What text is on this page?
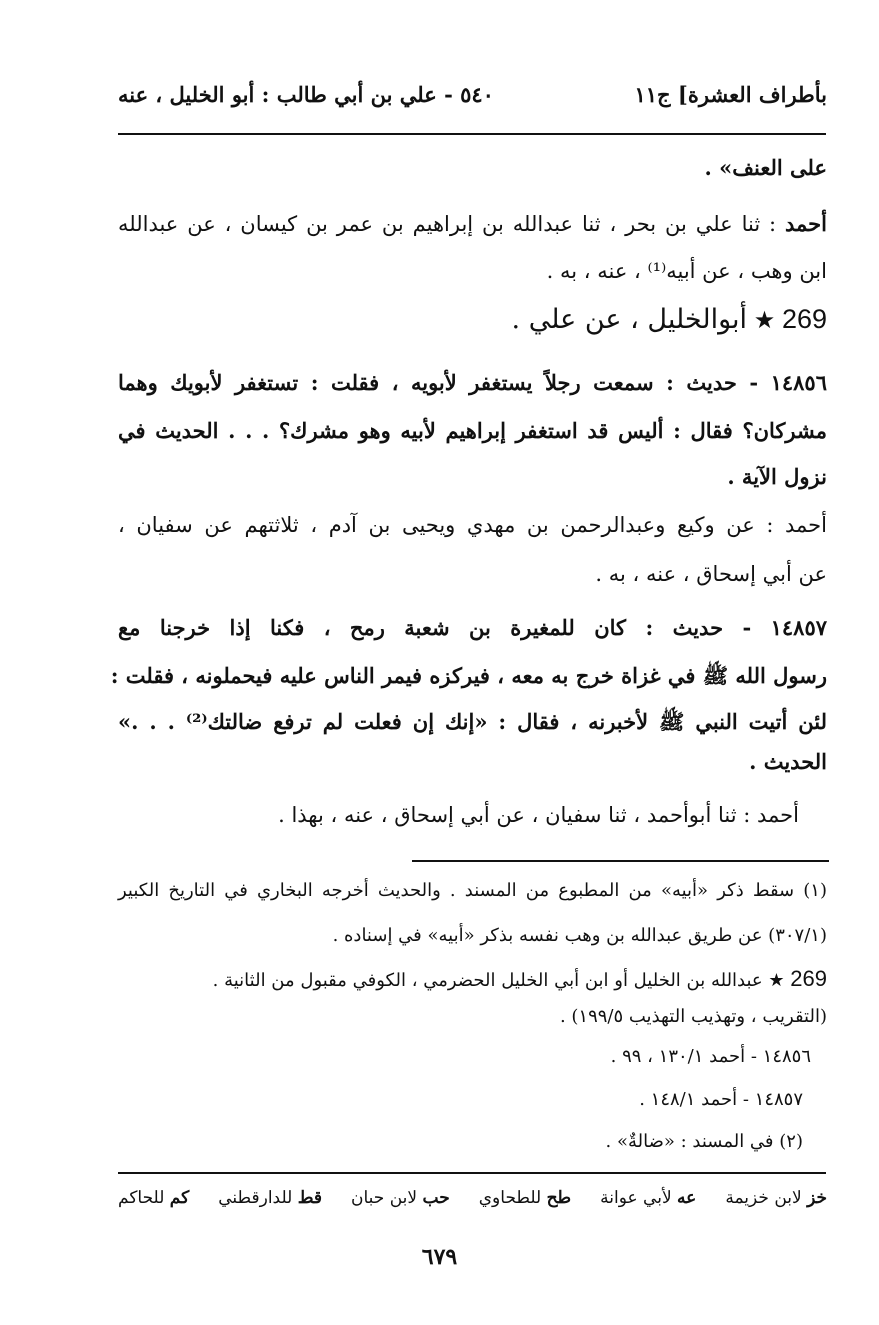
بأطراف العشرة] ج١١
٥٤٠ - علي بن أبي طالب : أبو الخليل ، عنه
على العنف» .
أحمد : ثنا علي بن بحر ، ثنا عبدالله بن إبراهيم بن عمر بن كيسان ، عن عبدالله
ابن وهب ، عن أبيه⁽¹⁾ ، عنه ، به .
269 ★ أبوالخليل ، عن علي .
١٤٨٥٦ - حديث : سمعت رجلاً يستغفر لأبويه ، فقلت : تستغفر لأبويك وهما
مشركان؟ فقال : أليس قد استغفر إبراهيم لأبيه وهو مشرك؟ . . . الحديث في
نزول الآية .
أحمد : عن وكيع وعبدالرحمن بن مهدي ويحيى بن آدم ، ثلاثتهم عن سفيان ،
عن أبي إسحاق ، عنه ، به .
١٤٨٥٧ - حديث : كان للمغيرة بن شعبة رمح ، فكنا إذا خرجنا مع
رسول الله ﷺ في غزاة خرج به معه ، فيركزه فيمر الناس عليه فيحملونه ، فقلت :
لئن أتيت النبي ﷺ لأخبرنه ، فقال : «إنك إن فعلت لم ترفع ضالتك⁽²⁾ . . .»
الحديث .
أحمد : ثنا أبوأحمد ، ثنا سفيان ، عن أبي إسحاق ، عنه ، بهذا .
(١) سقط ذكر «أبيه» من المطبوع من المسند . والحديث أخرجه البخاري في التاريخ الكبير
(٣٠٧/١) عن طريق عبدالله بن وهب نفسه بذكر «أبيه» في إسناده .
269 ★ عبدالله بن الخليل أو ابن أبي الخليل الحضرمي ، الكوفي مقبول من الثانية .
(التقريب ، وتهذيب التهذيب ١٩٩/٥) .
١٤٨٥٦ - أحمد ١٣٠/١ ، ٩٩ .
١٤٨٥٧ - أحمد ١٤٨/١ .
(٢) في المسند : «ضالةٌ» .
خز لابن خزيمة
عه لأبي عوانة
طح للطحاوي
حب لابن حبان
قط للدارقطني
كم للحاكم
٦٧٩
